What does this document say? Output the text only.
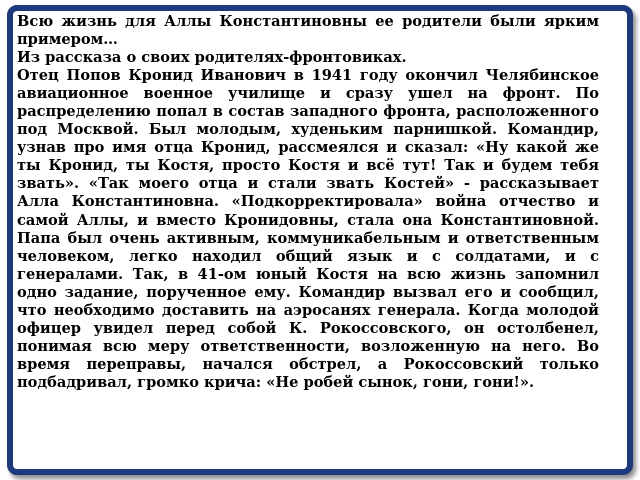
Всю жизнь для Аллы Константиновны ее родители были ярким примером…

Из рассказа о своих родителях-фронтовиках.

Отец Попов Кронид Иванович в 1941 году окончил Челябинское авиационное военное училище и сразу ушел на фронт. По распределению попал в состав западного фронта, расположенного под Москвой. Был молодым, худеньким парнишкой. Командир, узнав про имя отца Кронид, рассмеялся и сказал: «Ну какой же ты Кронид, ты Костя, просто Костя и всё тут! Так и будем тебя звать». «Так моего отца и стали звать Костей» - рассказывает Алла Константиновна. «Подкорректировала» война отчество и самой Аллы, и вместо Кронидовны, стала она Константиновной. Папа был очень активным, коммуникабельным и ответственным человеком, легко находил общий язык и с солдатами, и с генералами. Так, в 41-ом юный Костя на всю жизнь запомнил одно задание, порученное ему. Командир вызвал его и сообщил, что необходимо доставить на аэросанях генерала. Когда молодой офицер увидел перед собой К. Рокоссовского, он остолбенел, понимая всю меру ответственности, возложенную на него. Во время переправы, начался обстрел, а Рокоссовский только подбадривал, громко крича: «Не робей сынок, гони, гони!».
